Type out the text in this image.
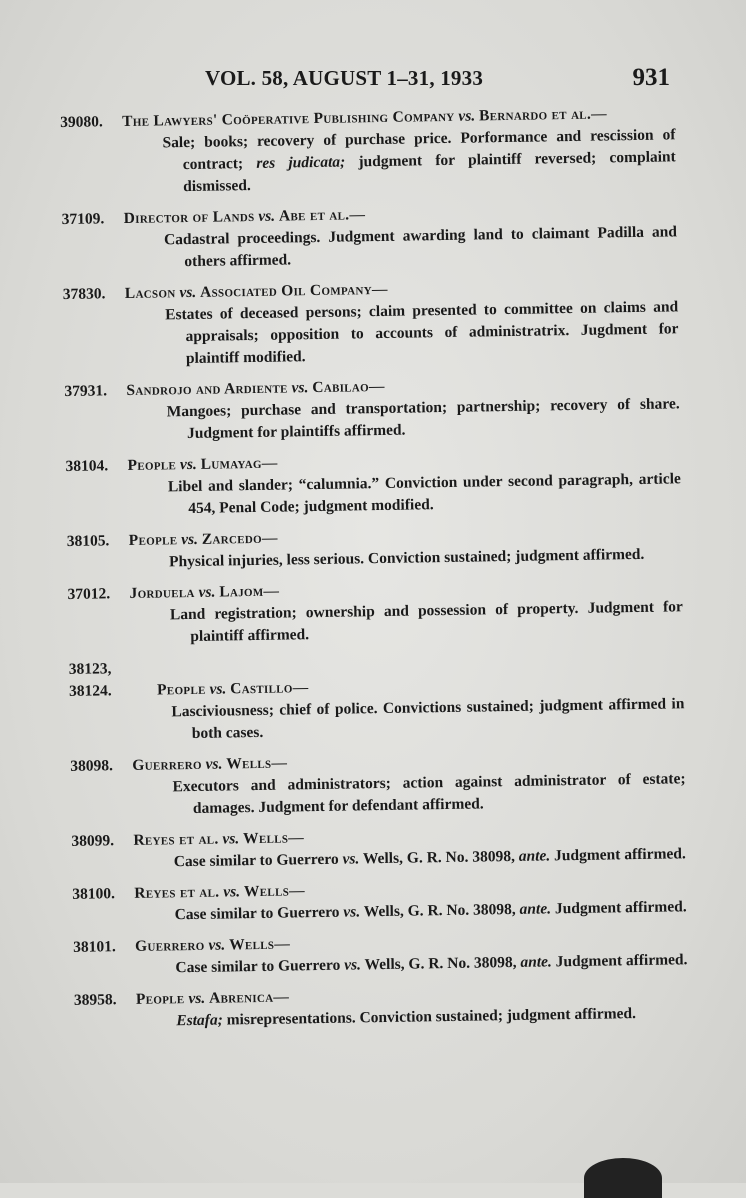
VOL. 58, AUGUST 1–31, 1933	931
39080. The Lawyers' Coöperative Publishing Company vs. Bernardo et al.—
Sale; books; recovery of purchase price. Porformance and rescission of contract; res judicata; judgment for plaintiff reversed; complaint dismissed.
37109. Director of Lands vs. Abe et al.—
Cadastral proceedings. Judgment awarding land to claimant Padilla and others affirmed.
37830. Lacson vs. Associated Oil Company—
Estates of deceased persons; claim presented to committee on claims and appraisals; opposition to accounts of administratrix. Jugdment for plaintiff modified.
37931. Sandrojo and Ardiente vs. Cabilao—
Mangoes; purchase and transportation; partnership; recovery of share. Judgment for plaintiffs affirmed.
38104. People vs. Lumayag—
Libel and slander; “calumnia.” Conviction under second paragraph, article 454, Penal Code; judgment modified.
38105. People vs. Zarcedo—
Physical injuries, less serious. Conviction sustained; judgment affirmed.
37012. Jorduela vs. Lajom—
Land registration; ownership and possession of property. Judgment for plaintiff affirmed.
38123, 38124.	People vs. Castillo—
Lasciviousness; chief of police. Convictions sustained; judgment affirmed in both cases.
38098. Guerrero vs. Wells—
Executors and administrators; action against administrator of estate; damages. Judgment for defendant affirmed.
38099. Reyes et al. vs. Wells—
Case similar to Guerrero vs. Wells, G. R. No. 38098, ante. Judgment affirmed.
38100. Reyes et al. vs. Wells—
Case similar to Guerrero vs. Wells, G. R. No. 38098, ante. Judgment affirmed.
38101. Guerrero vs. Wells—
Case similar to Guerrero vs. Wells, G. R. No. 38098, ante. Judgment affirmed.
38958. People vs. Abrenica—
Estafa; misrepresentations. Conviction sustained; judgment affirmed.
